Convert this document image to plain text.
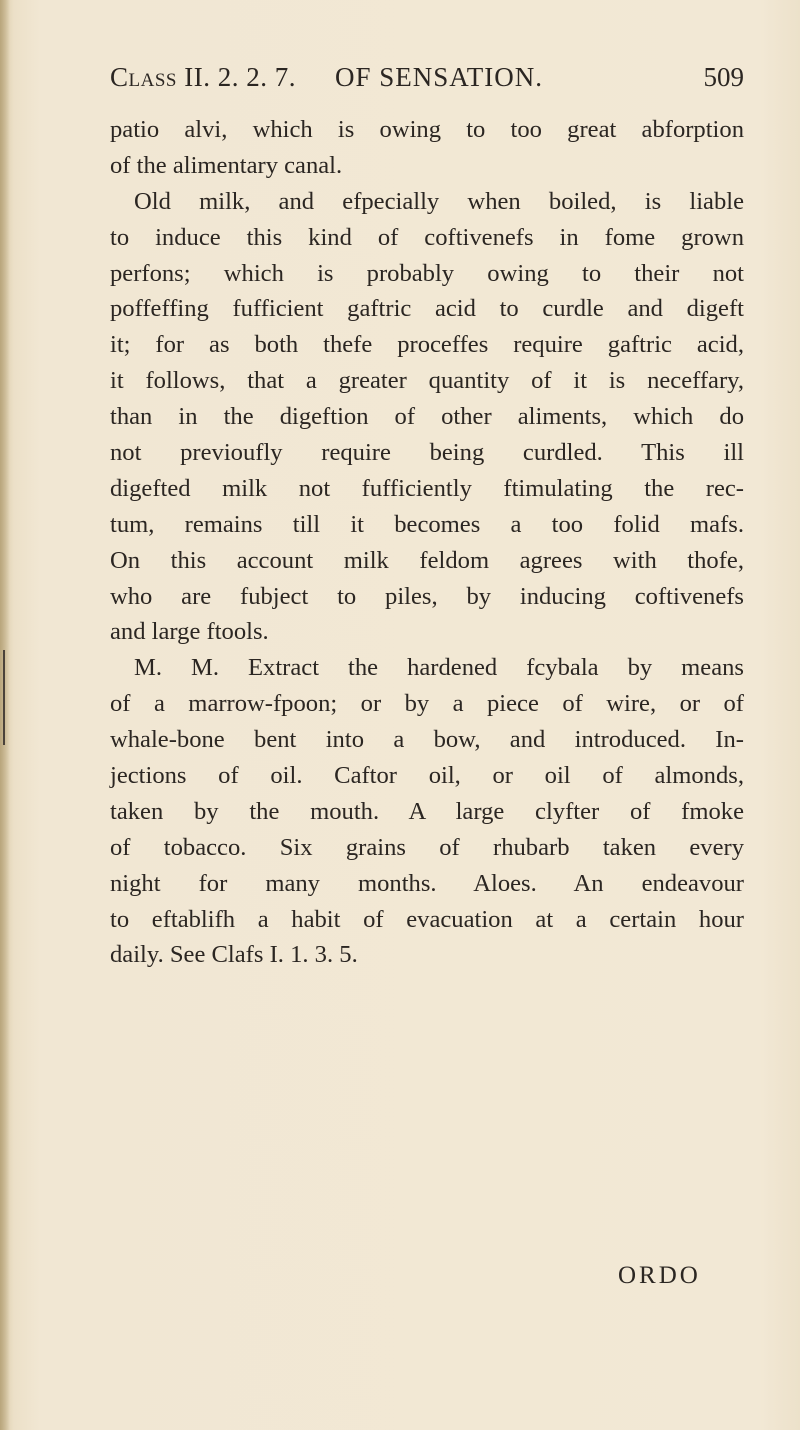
Class II. 2. 2. 7. OF SENSATION.	509
patio alvi, which is owing to too great abforption
of the alimentary canal.
Old milk, and efpecially when boiled, is liable
to induce this kind of coftivenefs in fome grown
perfons; which is probably owing to their not
poffeffing fufficient gaftric acid to curdle and digeft
it; for as both thefe proceffes require gaftric acid,
it follows, that a greater quantity of it is neceffary,
than in the digeftion of other aliments, which do
not previoufly require being curdled. This ill
digefted milk not fufficiently ftimulating the rec-
tum, remains till it becomes a too folid mafs.
On this account milk feldom agrees with thofe,
who are fubject to piles, by inducing coftivenefs
and large ftools.
M. M. Extract the hardened fcybala by means
of a marrow-fpoon; or by a piece of wire, or of
whale-bone bent into a bow, and introduced. In-
jections of oil. Caftor oil, or oil of almonds,
taken by the mouth. A large clyfter of fmoke
of tobacco. Six grains of rhubarb taken every
night for many months. Aloes. An endeavour
to eftablifh a habit of evacuation at a certain hour
daily. See Clafs I. 1. 3. 5.
ORDO
